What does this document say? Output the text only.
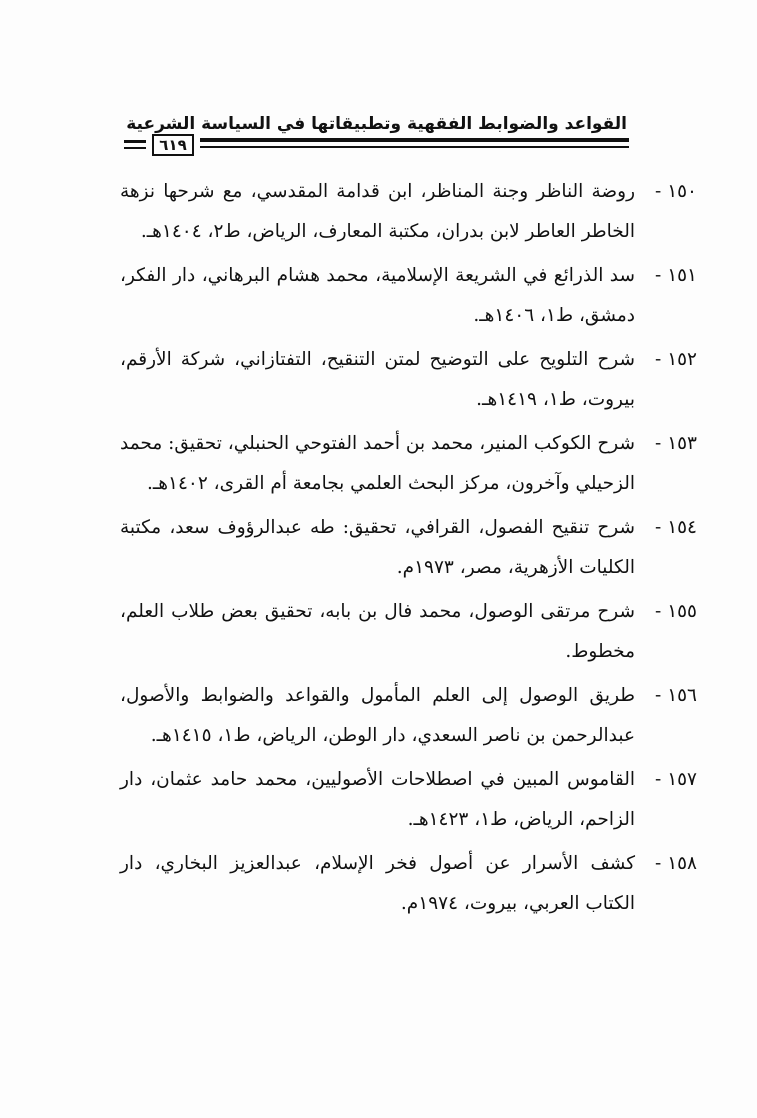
القواعد والضوابط الفقهية وتطبيقاتها في السياسة الشرعية
٦١٩
١٥٠ -
روضة الناظر وجنة المناظر، ابن قدامة المقدسي، مع شرحها نزهة الخاطر العاطر لابن بدران، مكتبة المعارف، الرياض، ط٢، ١٤٠٤هـ.
١٥١ -
سد الذرائع في الشريعة الإسلامية، محمد هشام البرهاني، دار الفكر، دمشق، ط١، ١٤٠٦هـ.
١٥٢ -
شرح التلويح على التوضيح لمتن التنقيح، التفتازاني، شركة الأرقم، بيروت، ط١، ١٤١٩هـ.
١٥٣ -
شرح الكوكب المنير، محمد بن أحمد الفتوحي الحنبلي، تحقيق: محمد الزحيلي وآخرون، مركز البحث العلمي بجامعة أم القرى، ١٤٠٢هـ.
١٥٤ -
شرح تنقيح الفصول، القرافي، تحقيق: طه عبدالرؤوف سعد، مكتبة الكليات الأزهرية، مصر، ١٩٧٣م.
١٥٥ -
شرح مرتقى الوصول، محمد فال بن بابه، تحقيق بعض طلاب العلم، مخطوط.
١٥٦ -
طريق الوصول إلى العلم المأمول والقواعد والضوابط والأصول، عبدالرحمن بن ناصر السعدي، دار الوطن، الرياض، ط١، ١٤١٥هـ.
١٥٧ -
القاموس المبين في اصطلاحات الأصوليين، محمد حامد عثمان، دار الزاحم، الرياض، ط١، ١٤٢٣هـ.
١٥٨ -
كشف الأسرار عن أصول فخر الإسلام، عبدالعزيز البخاري، دار الكتاب العربي، بيروت، ١٩٧٤م.
